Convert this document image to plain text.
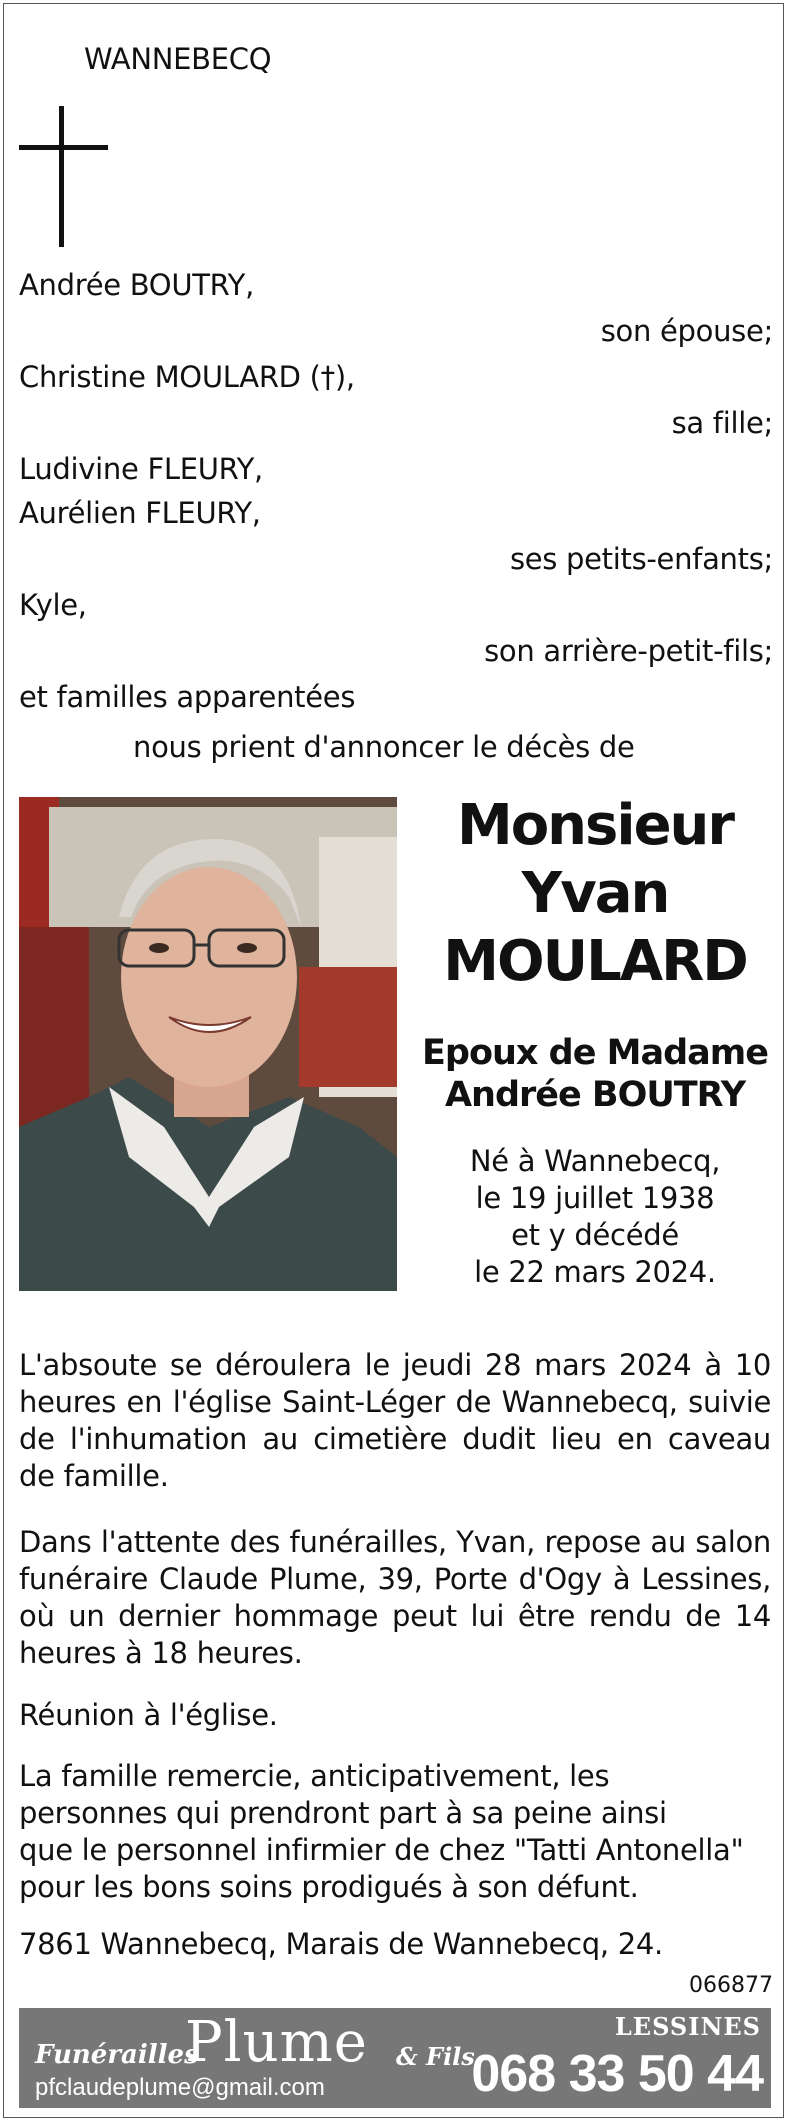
WANNEBECQ
Andrée BOUTRY,
son épouse;
Christine MOULARD (†),
sa fille;
Ludivine FLEURY,
Aurélien FLEURY,
ses petits-enfants;
Kyle,
son arrière-petit-fils;
et familles apparentées
nous prient d'annoncer le décès de
Monsieur
Yvan
MOULARD
Epoux de Madame
Andrée BOUTRY
Né à Wannebecq,
le 19 juillet 1938
et y décédé
le 22 mars 2024.
L'absoute se déroulera le jeudi 28 mars 2024 à 10 heures en l'église Saint-Léger de Wannebecq, suivie de l'inhumation au cimetière dudit lieu en caveau de famille.
Dans l'attente des funérailles, Yvan, repose au salon funéraire Claude Plume, 39, Porte d'Ogy à Lessines, où un dernier hommage peut lui être rendu de 14 heures à 18 heures.
Réunion à l'église.
La famille remercie, anticipativement, les
personnes qui prendront part à sa peine ainsi
que le personnel infirmier de chez "Tatti Antonella"
pour les bons soins prodigués à son défunt.
7861 Wannebecq, Marais de Wannebecq, 24.
066877
Funérailles
Plume & Fils
pfclaudeplume@gmail.com
LESSINES
068 33 50 44
